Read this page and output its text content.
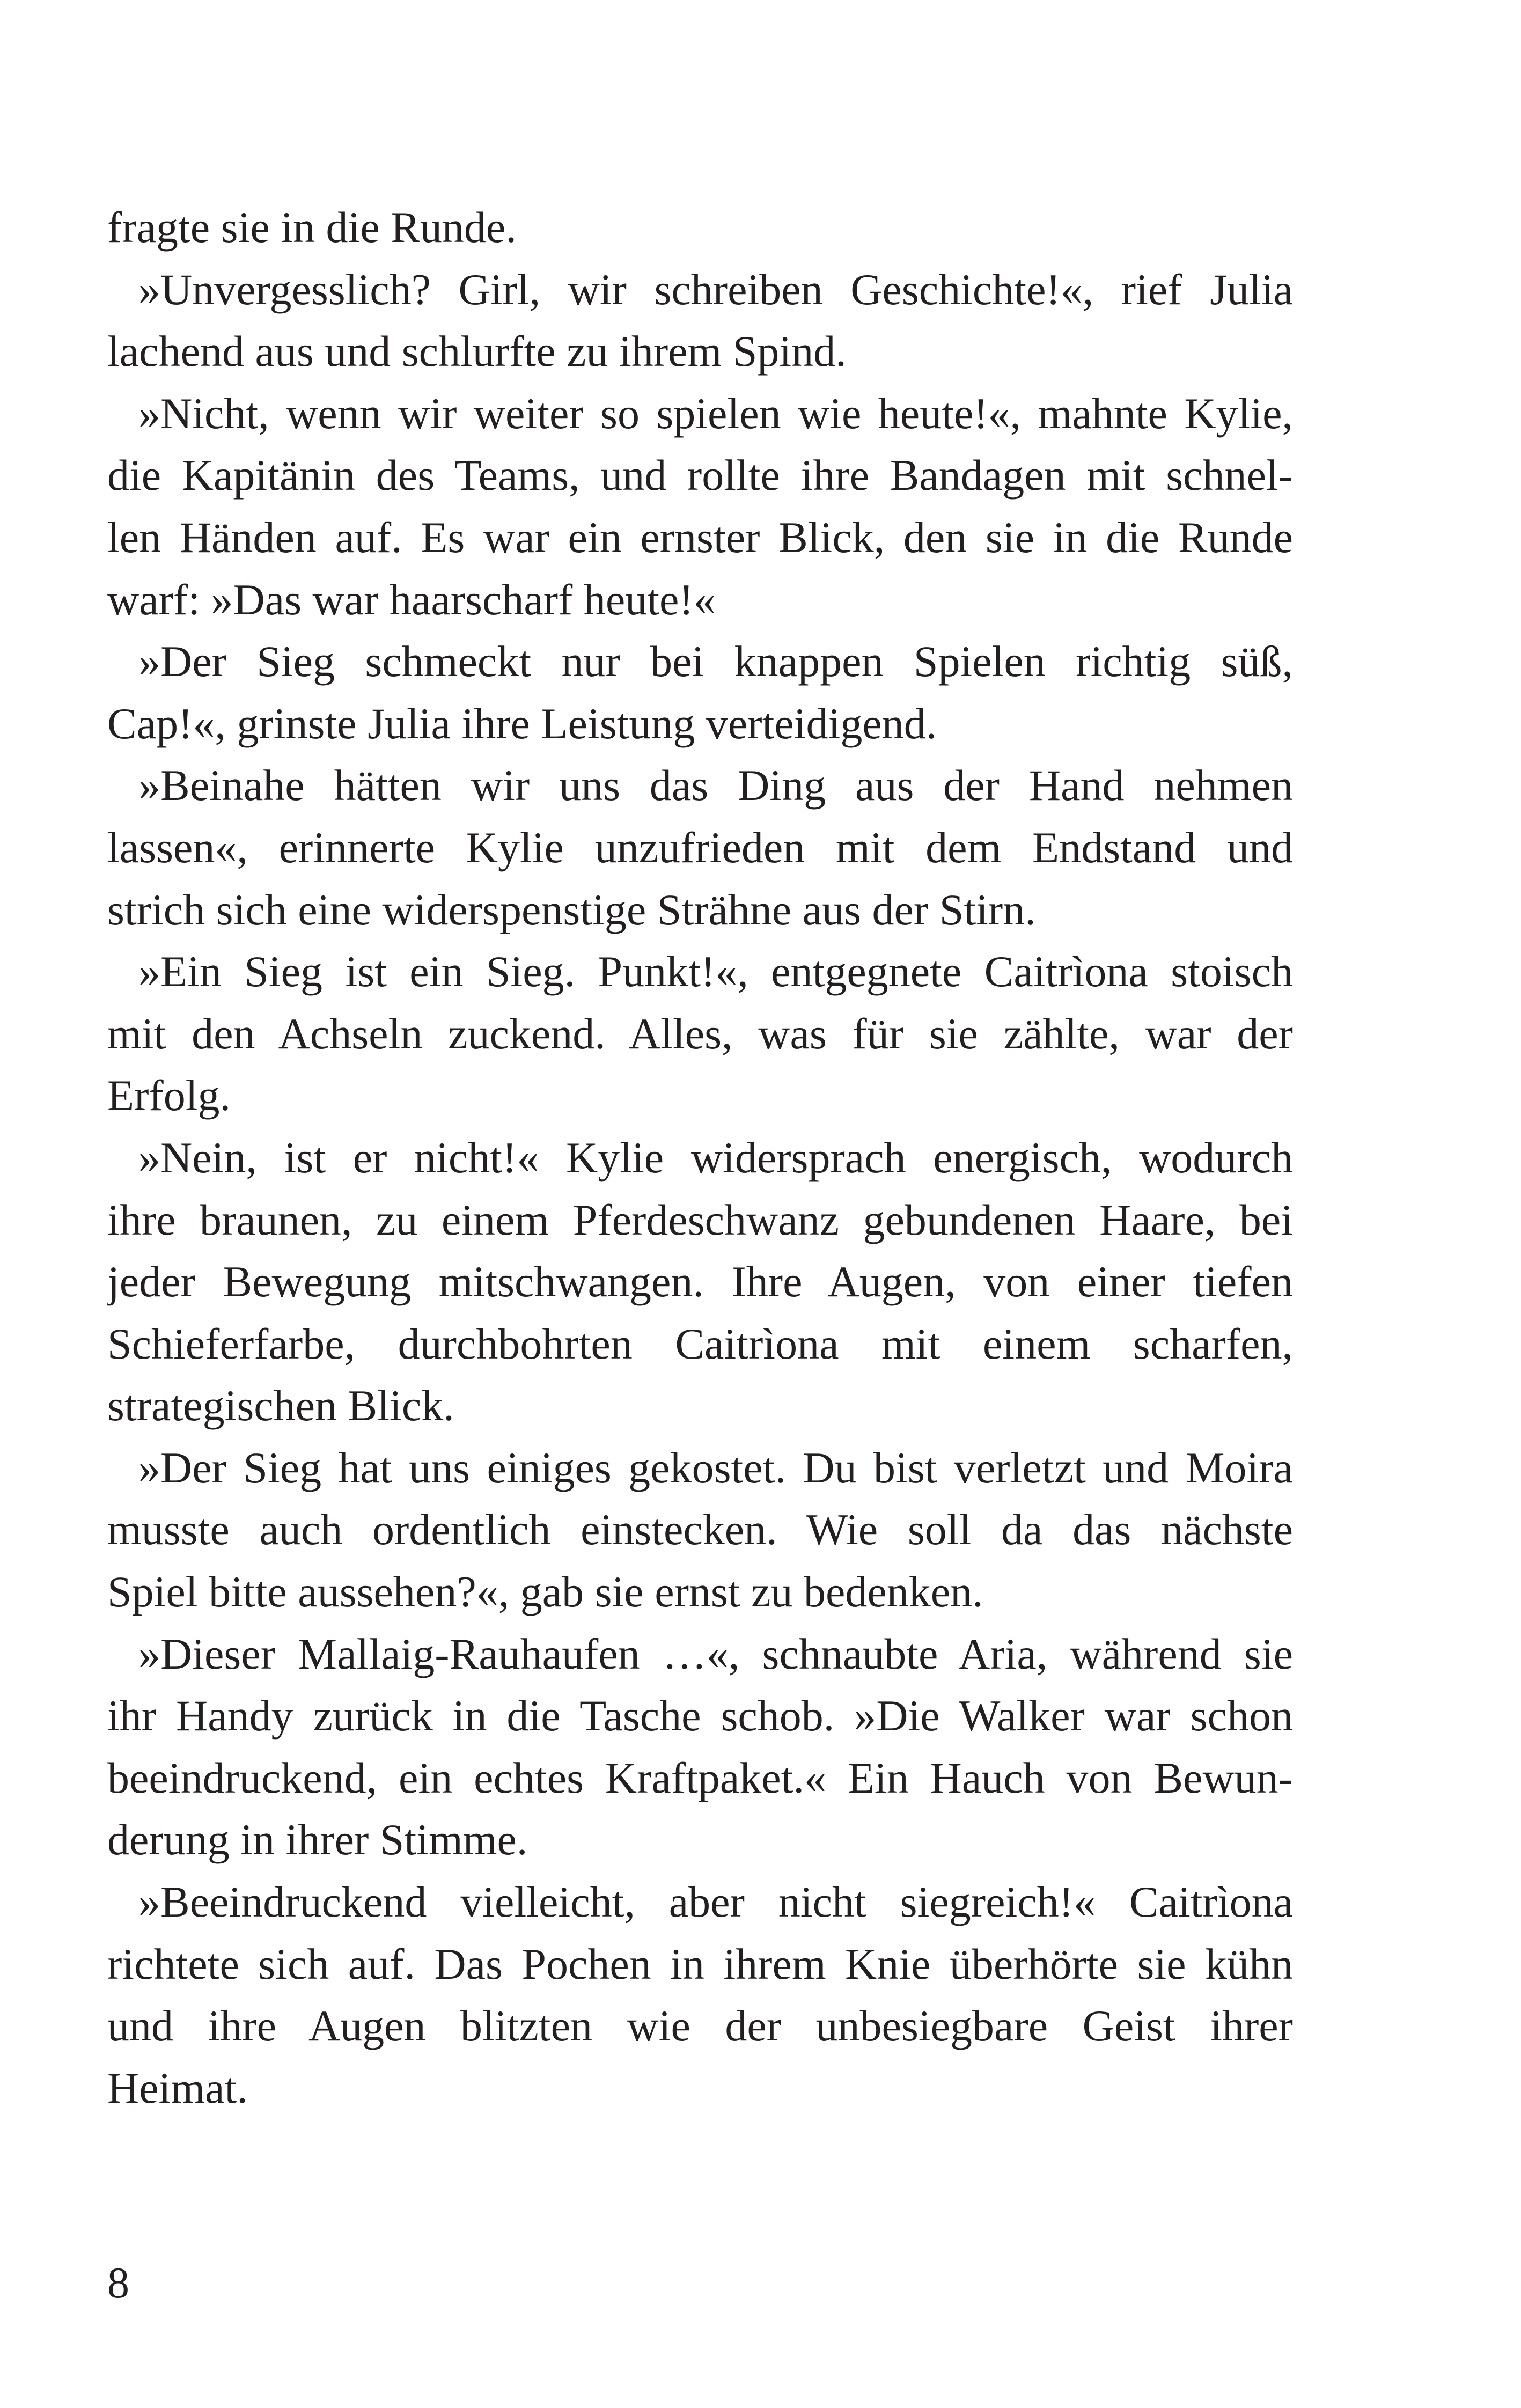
fragte sie in die Runde.
»Unvergesslich? Girl, wir schreiben Geschichte!«, rief Julia
lachend aus und schlurfte zu ihrem Spind.
»Nicht, wenn wir weiter so spielen wie heute!«, mahnte Kylie,
die Kapitänin des Teams, und rollte ihre Bandagen mit schnel-
len Händen auf. Es war ein ernster Blick, den sie in die Runde
warf: »Das war haarscharf heute!«
»Der Sieg schmeckt nur bei knappen Spielen richtig süß,
Cap!«, grinste Julia ihre Leistung verteidigend.
»Beinahe hätten wir uns das Ding aus der Hand nehmen
lassen«, erinnerte Kylie unzufrieden mit dem Endstand und
strich sich eine widerspenstige Strähne aus der Stirn.
»Ein Sieg ist ein Sieg. Punkt!«, entgegnete Caitrìona stoisch
mit den Achseln zuckend. Alles, was für sie zählte, war der
Erfolg.
»Nein, ist er nicht!« Kylie widersprach energisch, wodurch
ihre braunen, zu einem Pferdeschwanz gebundenen Haare, bei
jeder Bewegung mitschwangen. Ihre Augen, von einer tiefen
Schieferfarbe, durchbohrten Caitrìona mit einem scharfen,
strategischen Blick.
»Der Sieg hat uns einiges gekostet. Du bist verletzt und Moira
musste auch ordentlich einstecken. Wie soll da das nächste
Spiel bitte aussehen?«, gab sie ernst zu bedenken.
»Dieser Mallaig-Rauhaufen …«, schnaubte Aria, während sie
ihr Handy zurück in die Tasche schob. »Die Walker war schon
beeindruckend, ein echtes Kraftpaket.« Ein Hauch von Bewun-
derung in ihrer Stimme.
»Beeindruckend vielleicht, aber nicht siegreich!« Caitrìona
richtete sich auf. Das Pochen in ihrem Knie überhörte sie kühn
und ihre Augen blitzten wie der unbesiegbare Geist ihrer
Heimat.
8
